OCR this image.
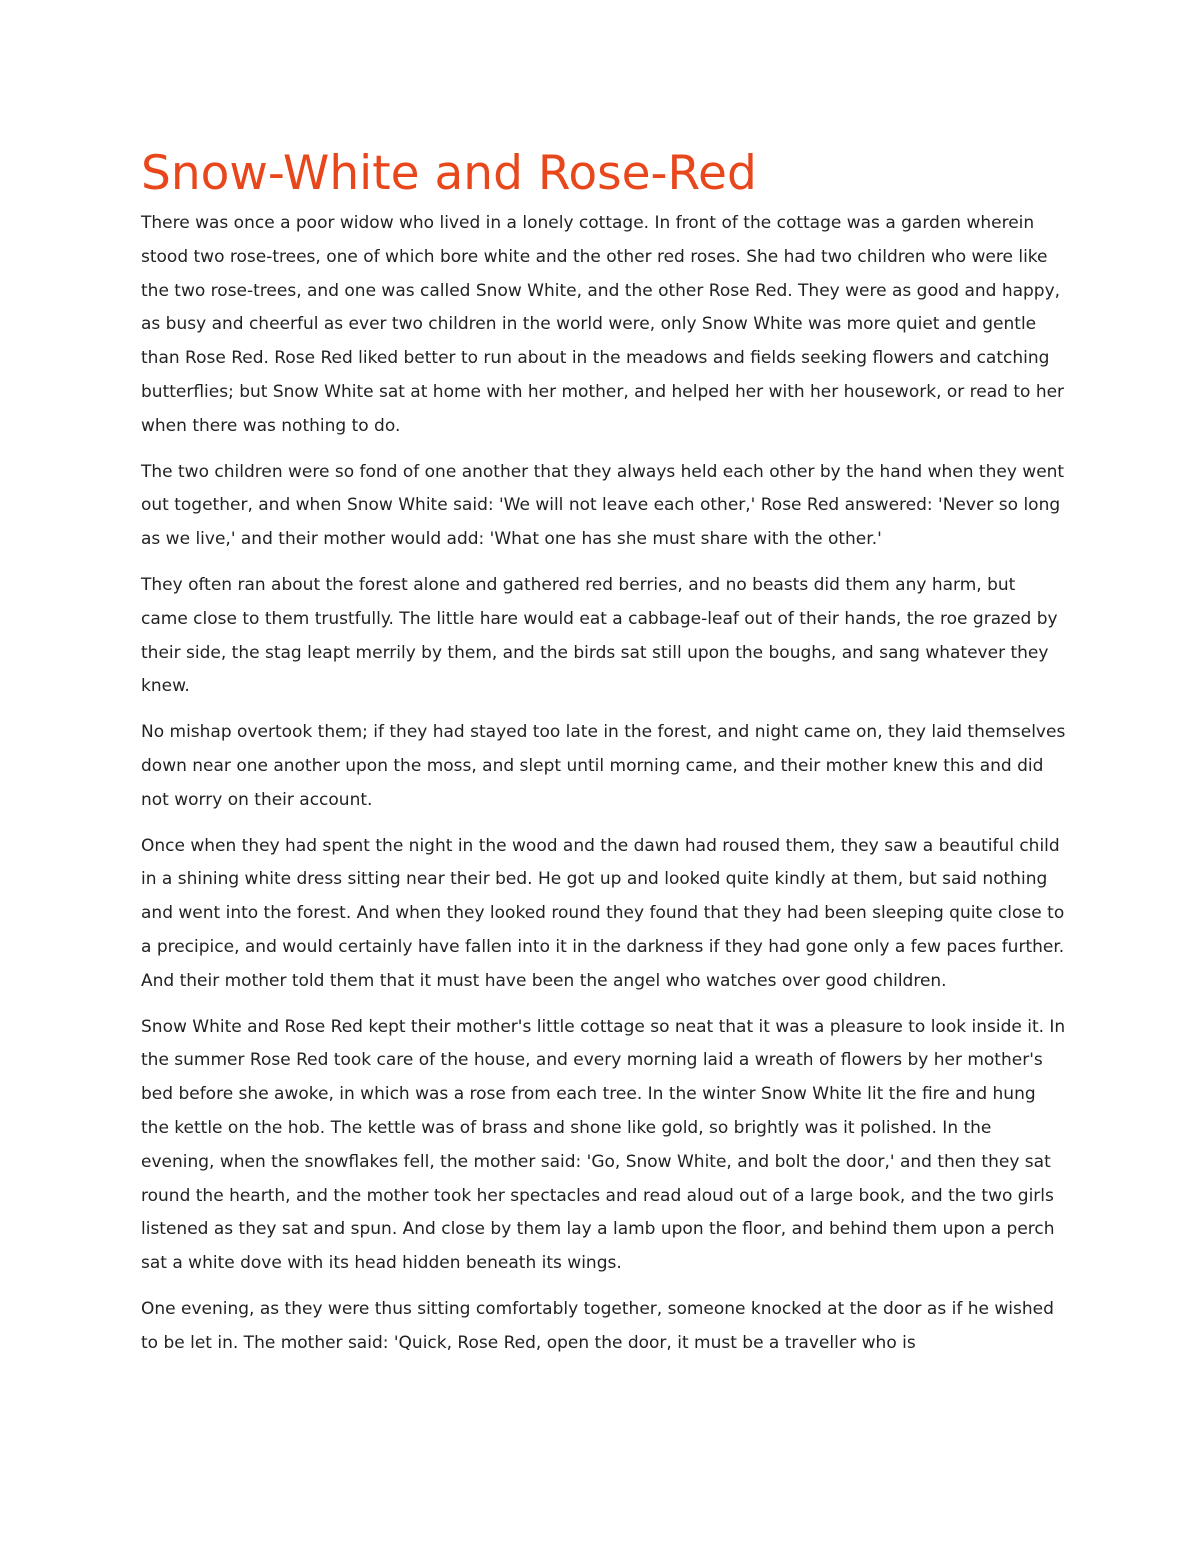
Snow-White and Rose-Red

There was once a poor widow who lived in a lonely cottage. In front of the cottage was a garden wherein stood two rose-trees, one of which bore white and the other red roses. She had two children who were like the two rose-trees, and one was called Snow White, and the other Rose Red. They were as good and happy, as busy and cheerful as ever two children in the world were, only Snow White was more quiet and gentle than Rose Red. Rose Red liked better to run about in the meadows and fields seeking flowers and catching butterflies; but Snow White sat at home with her mother, and helped her with her housework, or read to her when there was nothing to do.

The two children were so fond of one another that they always held each other by the hand when they went out together, and when Snow White said: 'We will not leave each other,' Rose Red answered: 'Never so long as we live,' and their mother would add: 'What one has she must share with the other.'

They often ran about the forest alone and gathered red berries, and no beasts did them any harm, but came close to them trustfully. The little hare would eat a cabbage-leaf out of their hands, the roe grazed by their side, the stag leapt merrily by them, and the birds sat still upon the boughs, and sang whatever they knew.

No mishap overtook them; if they had stayed too late in the forest, and night came on, they laid themselves down near one another upon the moss, and slept until morning came, and their mother knew this and did not worry on their account.

Once when they had spent the night in the wood and the dawn had roused them, they saw a beautiful child in a shining white dress sitting near their bed. He got up and looked quite kindly at them, but said nothing and went into the forest. And when they looked round they found that they had been sleeping quite close to a precipice, and would certainly have fallen into it in the darkness if they had gone only a few paces further. And their mother told them that it must have been the angel who watches over good children.

Snow White and Rose Red kept their mother's little cottage so neat that it was a pleasure to look inside it. In the summer Rose Red took care of the house, and every morning laid a wreath of flowers by her mother's bed before she awoke, in which was a rose from each tree. In the winter Snow White lit the fire and hung the kettle on the hob. The kettle was of brass and shone like gold, so brightly was it polished. In the evening, when the snowflakes fell, the mother said: 'Go, Snow White, and bolt the door,' and then they sat round the hearth, and the mother took her spectacles and read aloud out of a large book, and the two girls listened as they sat and spun. And close by them lay a lamb upon the floor, and behind them upon a perch sat a white dove with its head hidden beneath its wings.

One evening, as they were thus sitting comfortably together, someone knocked at the door as if he wished to be let in. The mother said: 'Quick, Rose Red, open the door, it must be a traveller who is
